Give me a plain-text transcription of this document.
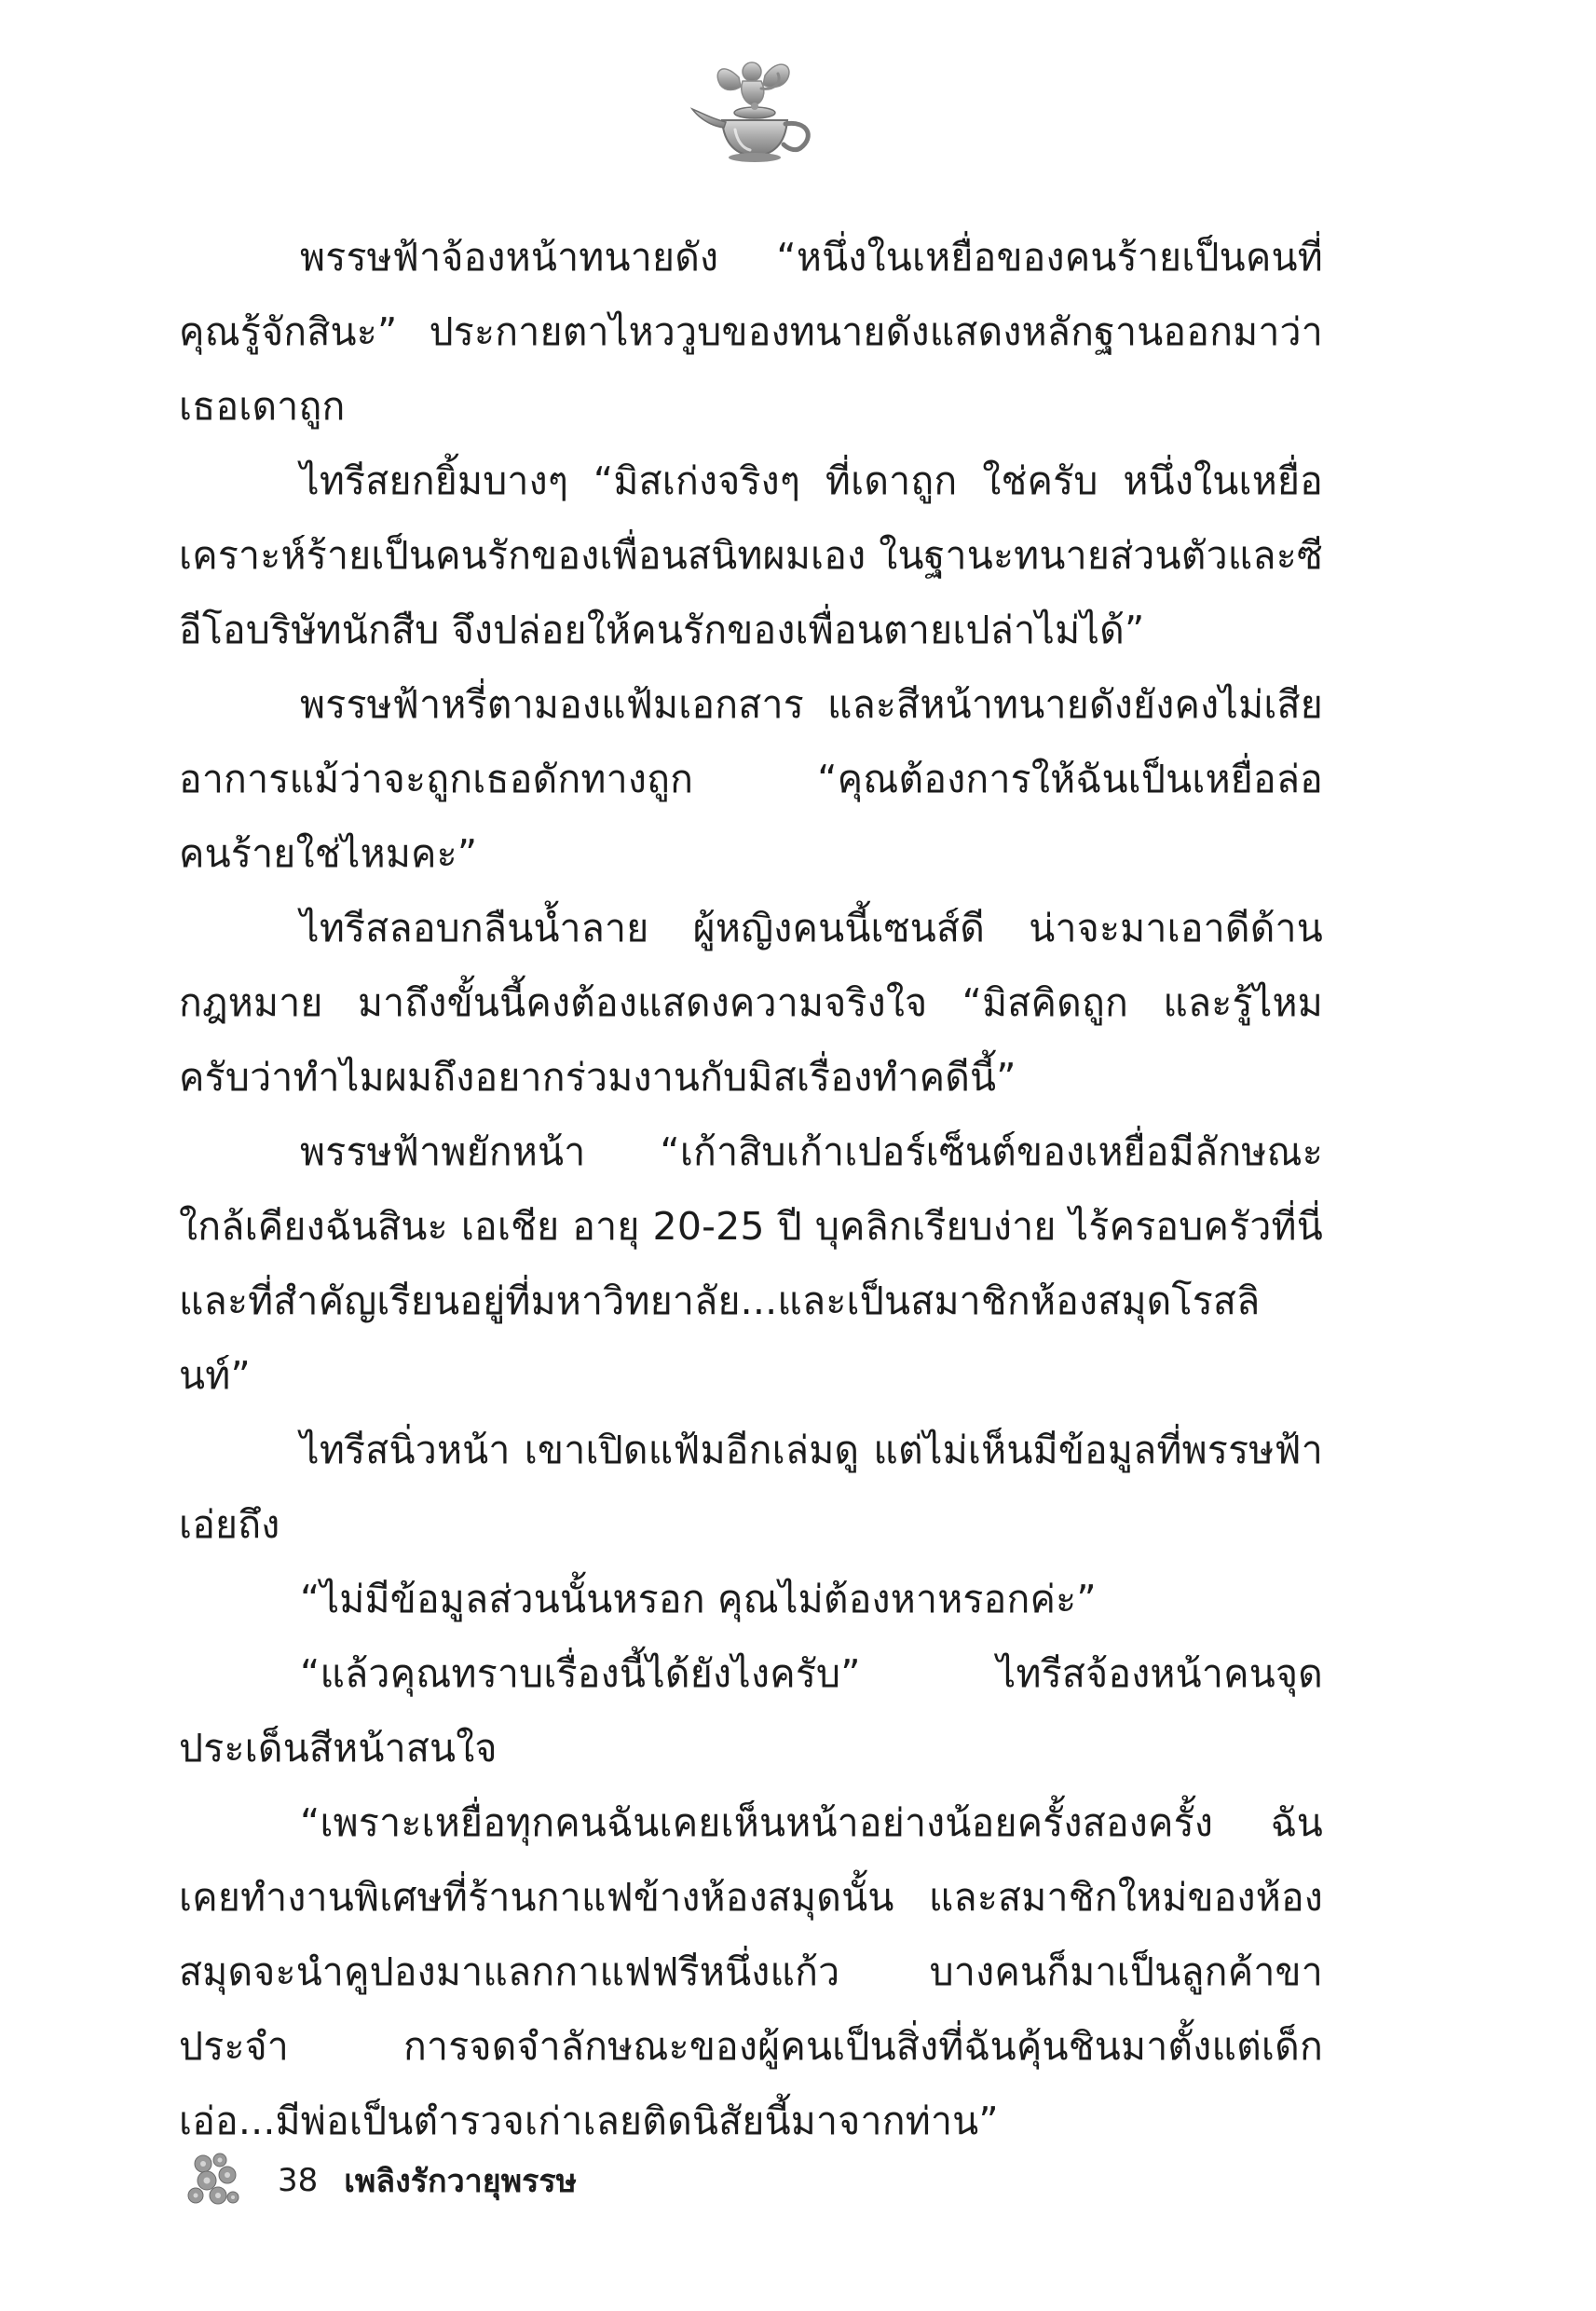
พรรษฟ้าจ้องหน้าทนายดัง “หนึ่งในเหยื่อของคนร้ายเป็นคนที่คุณรู้จักสินะ” ประกายตาไหววูบของทนายดังแสดงหลักฐานออกมาว่าเธอเดาถูก

ไทรีสยกยิ้มบางๆ “มิสเก่งจริงๆ ที่เดาถูก ใช่ครับ หนึ่งในเหยื่อเคราะห์ร้ายเป็นคนรักของเพื่อนสนิทผมเอง ในฐานะทนายส่วนตัวและซีอีโอบริษัทนักสืบ จึงปล่อยให้คนรักของเพื่อนตายเปล่าไม่ได้”

พรรษฟ้าหรี่ตามองแฟ้มเอกสาร และสีหน้าทนายดังยังคงไม่เสียอาการแม้ว่าจะถูกเธอดักทางถูก “คุณต้องการให้ฉันเป็นเหยื่อล่อคนร้ายใช่ไหมคะ”

ไทรีสลอบกลืนน้ำลาย ผู้หญิงคนนี้เซนส์ดี น่าจะมาเอาดีด้านกฎหมาย มาถึงขั้นนี้คงต้องแสดงความจริงใจ “มิสคิดถูก และรู้ไหมครับว่าทำไมผมถึงอยากร่วมงานกับมิสเรื่องทำคดีนี้”

พรรษฟ้าพยักหน้า “เก้าสิบเก้าเปอร์เซ็นต์ของเหยื่อมีลักษณะใกล้เคียงฉันสินะ เอเชีย อายุ 20-25 ปี บุคลิกเรียบง่าย ไร้ครอบครัวที่นี่ และที่สำคัญเรียนอยู่ที่มหาวิทยาลัย...และเป็นสมาชิกห้องสมุดโรสลินท์”

ไทรีสนิ่วหน้า เขาเปิดแฟ้มอีกเล่มดู แต่ไม่เห็นมีข้อมูลที่พรรษฟ้าเอ่ยถึง

“ไม่มีข้อมูลส่วนนั้นหรอก คุณไม่ต้องหาหรอกค่ะ”

“แล้วคุณทราบเรื่องนี้ได้ยังไงครับ” ไทรีสจ้องหน้าคนจุดประเด็นสีหน้าสนใจ

“เพราะเหยื่อทุกคนฉันเคยเห็นหน้าอย่างน้อยครั้งสองครั้ง ฉันเคยทำงานพิเศษที่ร้านกาแฟข้างห้องสมุดนั้น และสมาชิกใหม่ของห้องสมุดจะนำคูปองมาแลกกาแฟฟรีหนึ่งแก้ว บางคนก็มาเป็นลูกค้าขาประจำ การจดจำลักษณะของผู้คนเป็นสิ่งที่ฉันคุ้นชินมาตั้งแต่เด็ก เอ่อ...มีพ่อเป็นตำรวจเก่าเลยติดนิสัยนี้มาจากท่าน”

38 เพลิงรักวายุพรรษ
